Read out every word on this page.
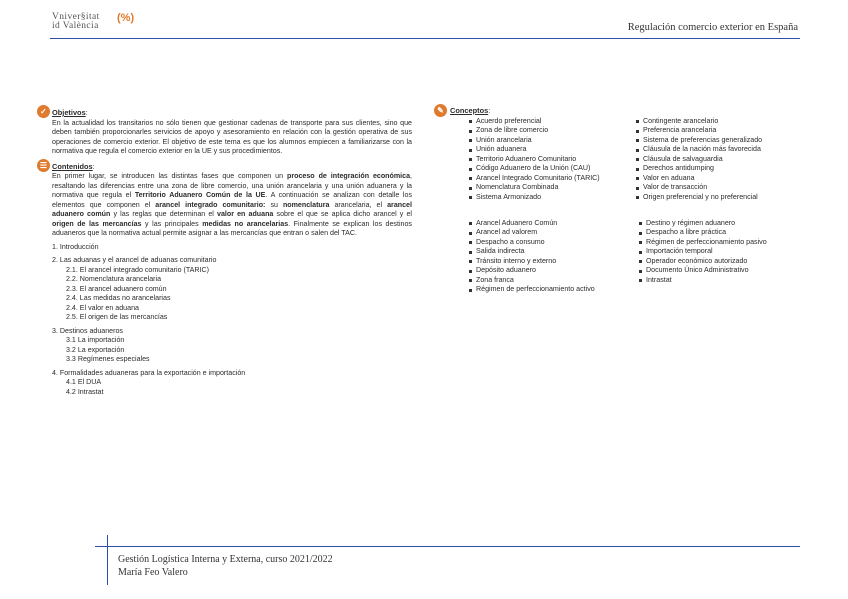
Vniver§itat
id València
(%)
Regulación comercio exterior en España
✓ Objetivos:

En la actualidad los transitarios no sólo tienen que gestionar cadenas de transporte para sus clientes, sino que deben también proporcionarles servicios de apoyo y asesoramiento en relación con la gestión operativa de sus operaciones de comercio exterior. El objetivo de este tema es que los alumnos empiecen a familiarizarse con la normativa que regula el comercio exterior en la UE y sus procedimientos.

☰ Contenidos:

En primer lugar, se introducen las distintas fases que componen un proceso de integración económica, resaltando las diferencias entre una zona de libre comercio, una unión arancelaria y una unión aduanera y la normativa que regula el Territorio Aduanero Común de la UE. A continuación se analizan con detalle los elementos que componen el arancel integrado comunitario: su nomenclatura arancelaria, el arancel aduanero común y las reglas que determinan el valor en aduana sobre el que se aplica dicho arancel y el origen de las mercancías y las principales medidas no arancelarias. Finalmente se explican los destinos aduaneros que la normativa actual permite asignar a las mercancías que entran o salen del TAC.

1. Introducción
2. Las aduanas y el arancel de aduanas comunitario
2.1. El arancel integrado comunitario (TARIC)
2.2. Nomenclatura arancelaria
2.3. El arancel aduanero común
2.4. Las medidas no arancelarias
2.4. El valor en aduana
2.5. El origen de las mercancías
3. Destinos aduaneros
3.1 La importación
3.2 La exportación
3.3 Regímenes especiales
4. Formalidades aduaneras para la exportación e importación
4.1 El DUA
4.2 Intrastat
✎ Conceptos:
Acuerdo preferencial
Zona de libre comercio
Unión arancelaria
Unión aduanera
Territorio Aduanero Comunitario
Código Aduanero de la Unión (CAU)
Arancel Integrado Comunitario (TARIC)
Nomenclatura Combinada
Sistema Armonizado
Contingente arancelario
Preferencia arancelaria
Sistema de preferencias generalizado
Cláusula de la nación más favorecida
Cláusula de salvaguardia
Derechos antidumping
Valor en aduana
Valor de transacción
Origen preferencial y no preferencial
Arancel Aduanero Común
Arancel ad valorem
Despacho a consumo
Salida indirecta
Tránsito interno y externo
Depósito aduanero
Zona franca
Régimen de perfeccionamiento activo
Destino y régimen aduanero
Despacho a libre práctica
Régimen de perfeccionamiento pasivo
Importación temporal
Operador económico autorizado
Documento Único Administrativo
Intrastat
Gestión Logística Interna y Externa, curso 2021/2022
María Feo Valero
